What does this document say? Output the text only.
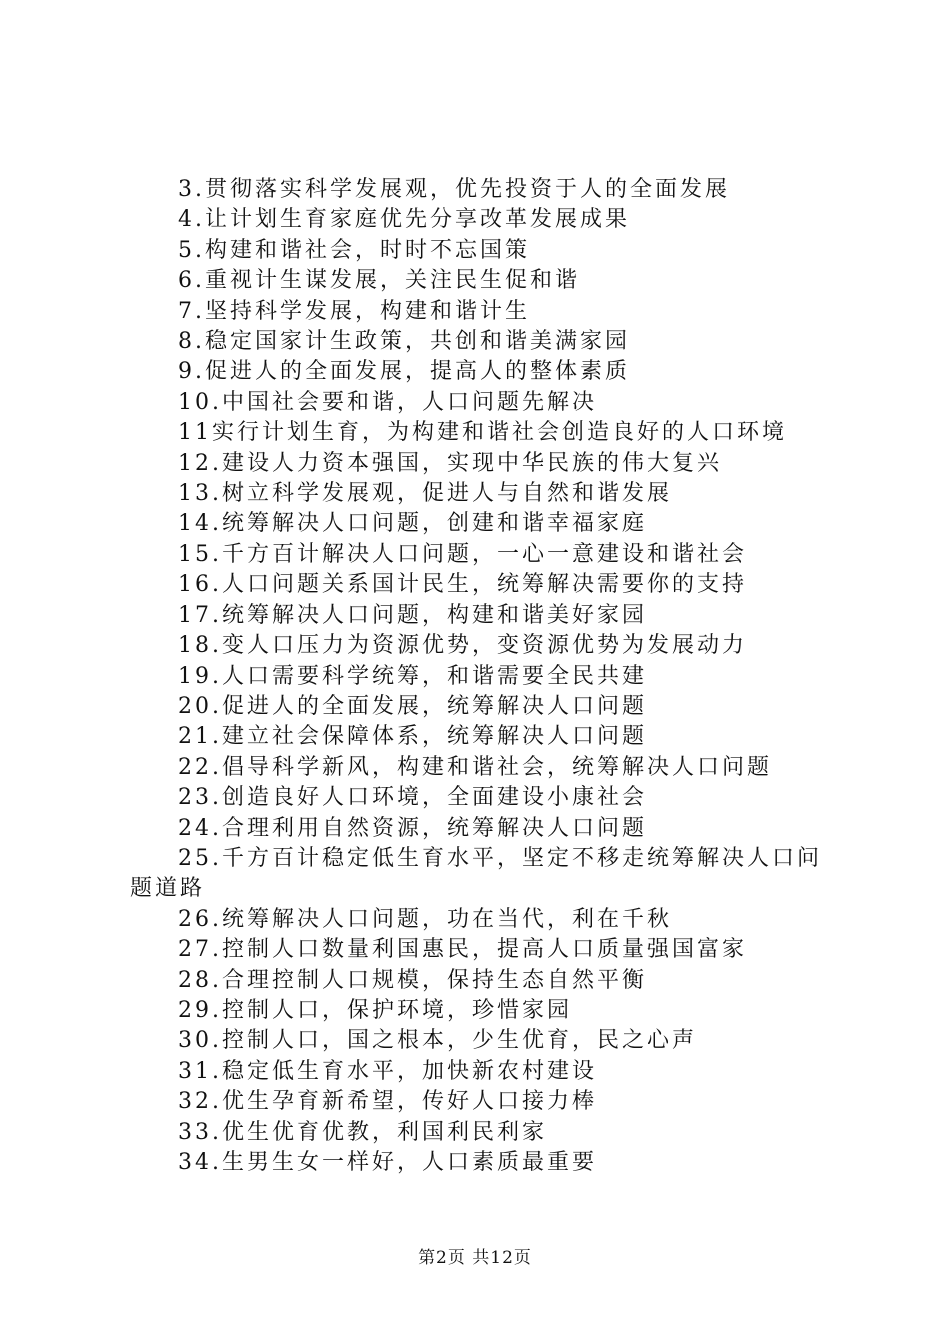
3.贯彻落实科学发展观，优先投资于人的全面发展
4.让计划生育家庭优先分享改革发展成果
5.构建和谐社会，时时不忘国策
6.重视计生谋发展，关注民生促和谐
7.坚持科学发展，构建和谐计生
8.稳定国家计生政策，共创和谐美满家园
9.促进人的全面发展，提高人的整体素质
10.中国社会要和谐，人口问题先解决
11实行计划生育，为构建和谐社会创造良好的人口环境
12.建设人力资本强国，实现中华民族的伟大复兴
13.树立科学发展观，促进人与自然和谐发展
14.统筹解决人口问题，创建和谐幸福家庭
15.千方百计解决人口问题，一心一意建设和谐社会
16.人口问题关系国计民生，统筹解决需要你的支持
17.统筹解决人口问题，构建和谐美好家园
18.变人口压力为资源优势，变资源优势为发展动力
19.人口需要科学统筹，和谐需要全民共建
20.促进人的全面发展，统筹解决人口问题
21.建立社会保障体系，统筹解决人口问题
22.倡导科学新风，构建和谐社会，统筹解决人口问题
23.创造良好人口环境，全面建设小康社会
24.合理利用自然资源，统筹解决人口问题
25.千方百计稳定低生育水平，坚定不移走统筹解决人口问题道路
26.统筹解决人口问题，功在当代，利在千秋
27.控制人口数量利国惠民，提高人口质量强国富家
28.合理控制人口规模，保持生态自然平衡
29.控制人口，保护环境，珍惜家园
30.控制人口，国之根本，少生优育，民之心声
31.稳定低生育水平，加快新农村建设
32.优生孕育新希望，传好人口接力棒
33.优生优育优教，利国利民利家
34.生男生女一样好，人口素质最重要
第2页 共12页
